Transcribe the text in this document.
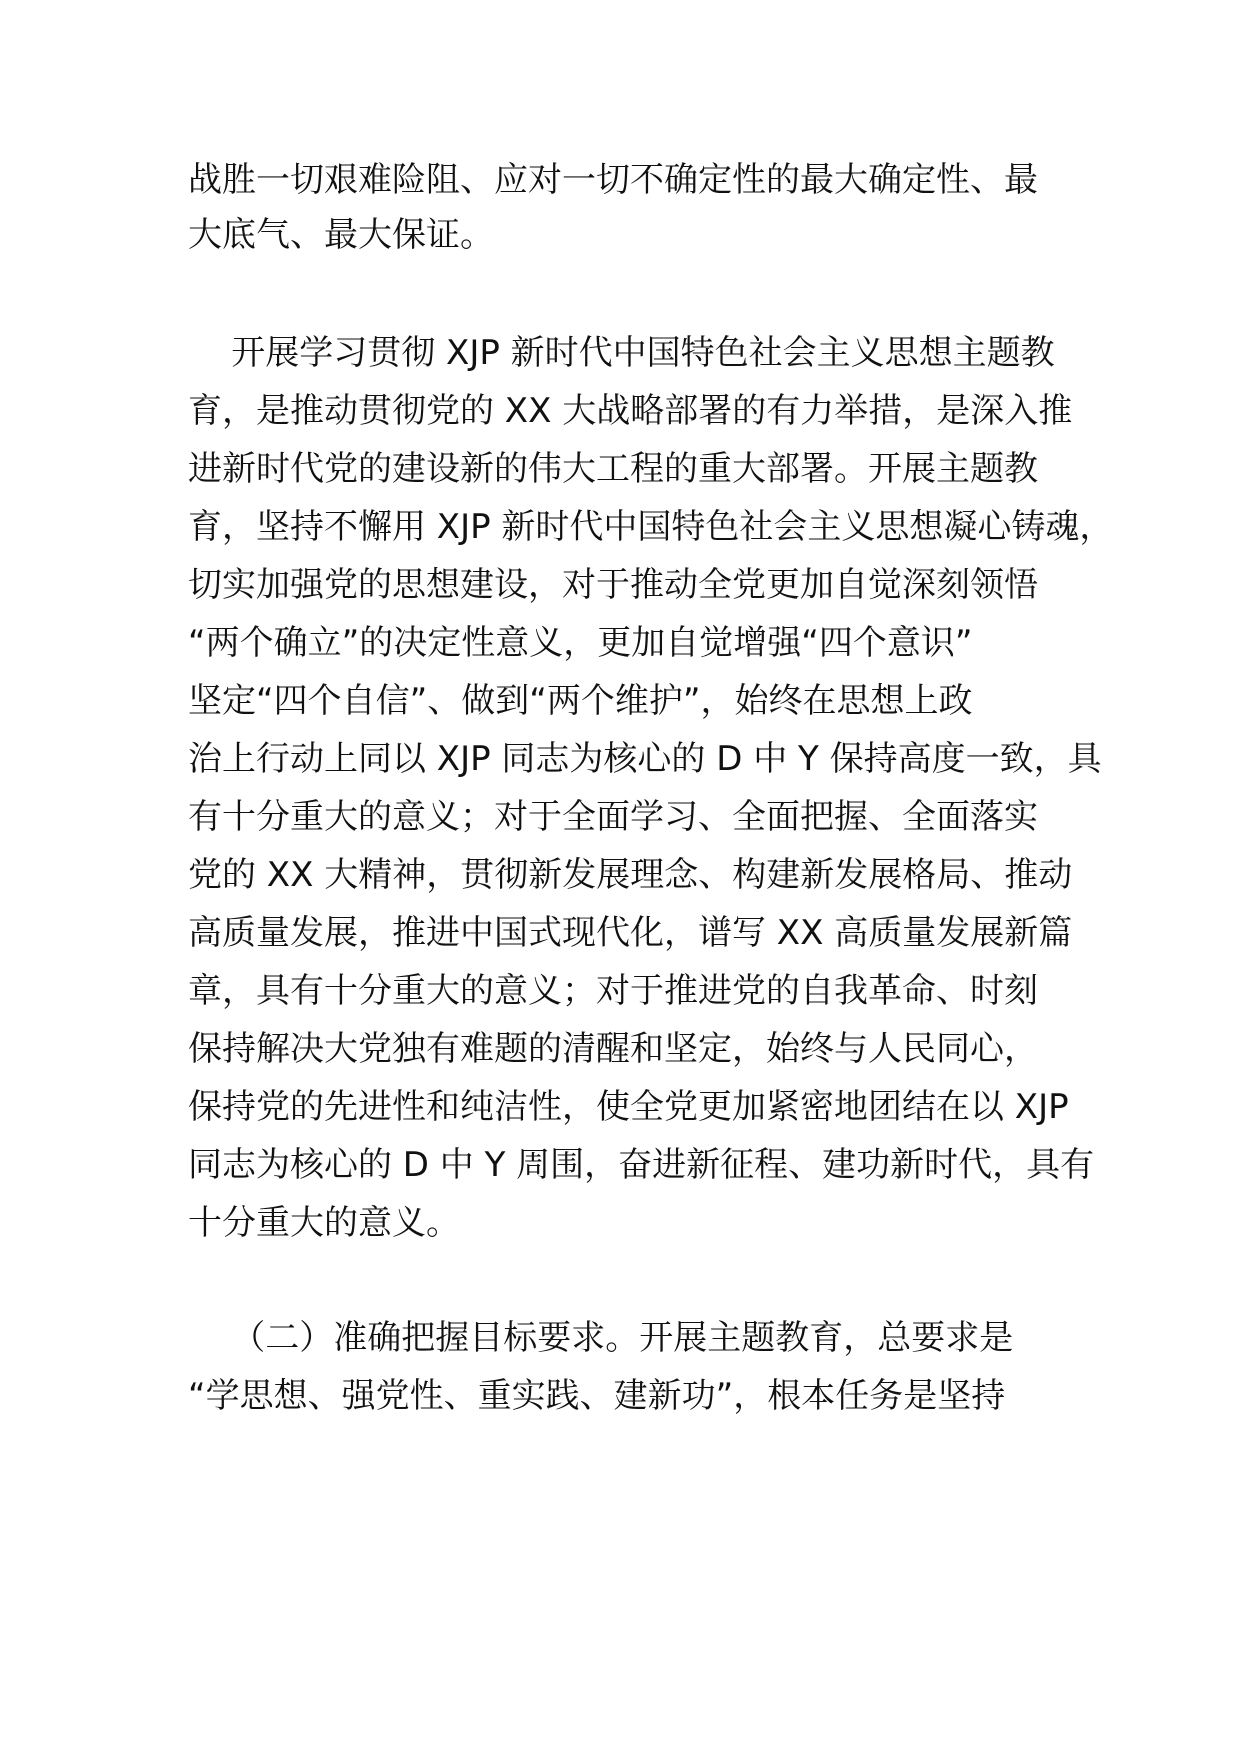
战胜一切艰难险阻、应对一切不确定性的最大确定性、最

大底气、最大保证。

开展学习贯彻 XJP 新时代中国特色社会主义思想主题教

育，是推动贯彻党的 XX 大战略部署的有力举措，是深入推

进新时代党的建设新的伟大工程的重大部署。开展主题教

育，坚持不懈用 XJP 新时代中国特色社会主义思想凝心铸魂，

切实加强党的思想建设，对于推动全党更加自觉深刻领悟

“两个确立”的决定性意义，更加自觉增强“四个意识”

坚定“四个自信”、做到“两个维护”，始终在思想上政

治上行动上同以 XJP 同志为核心的 D 中 Y 保持高度一致，具

有十分重大的意义；对于全面学习、全面把握、全面落实

党的 XX 大精神，贯彻新发展理念、构建新发展格局、推动

高质量发展，推进中国式现代化，谱写 XX 高质量发展新篇

章，具有十分重大的意义；对于推进党的自我革命、时刻

保持解决大党独有难题的清醒和坚定，始终与人民同心，

保持党的先进性和纯洁性，使全党更加紧密地团结在以 XJP

同志为核心的 D 中 Y 周围，奋进新征程、建功新时代，具有

十分重大的意义。

（二）准确把握目标要求。开展主题教育，总要求是

“学思想、强党性、重实践、建新功”，根本任务是坚持
